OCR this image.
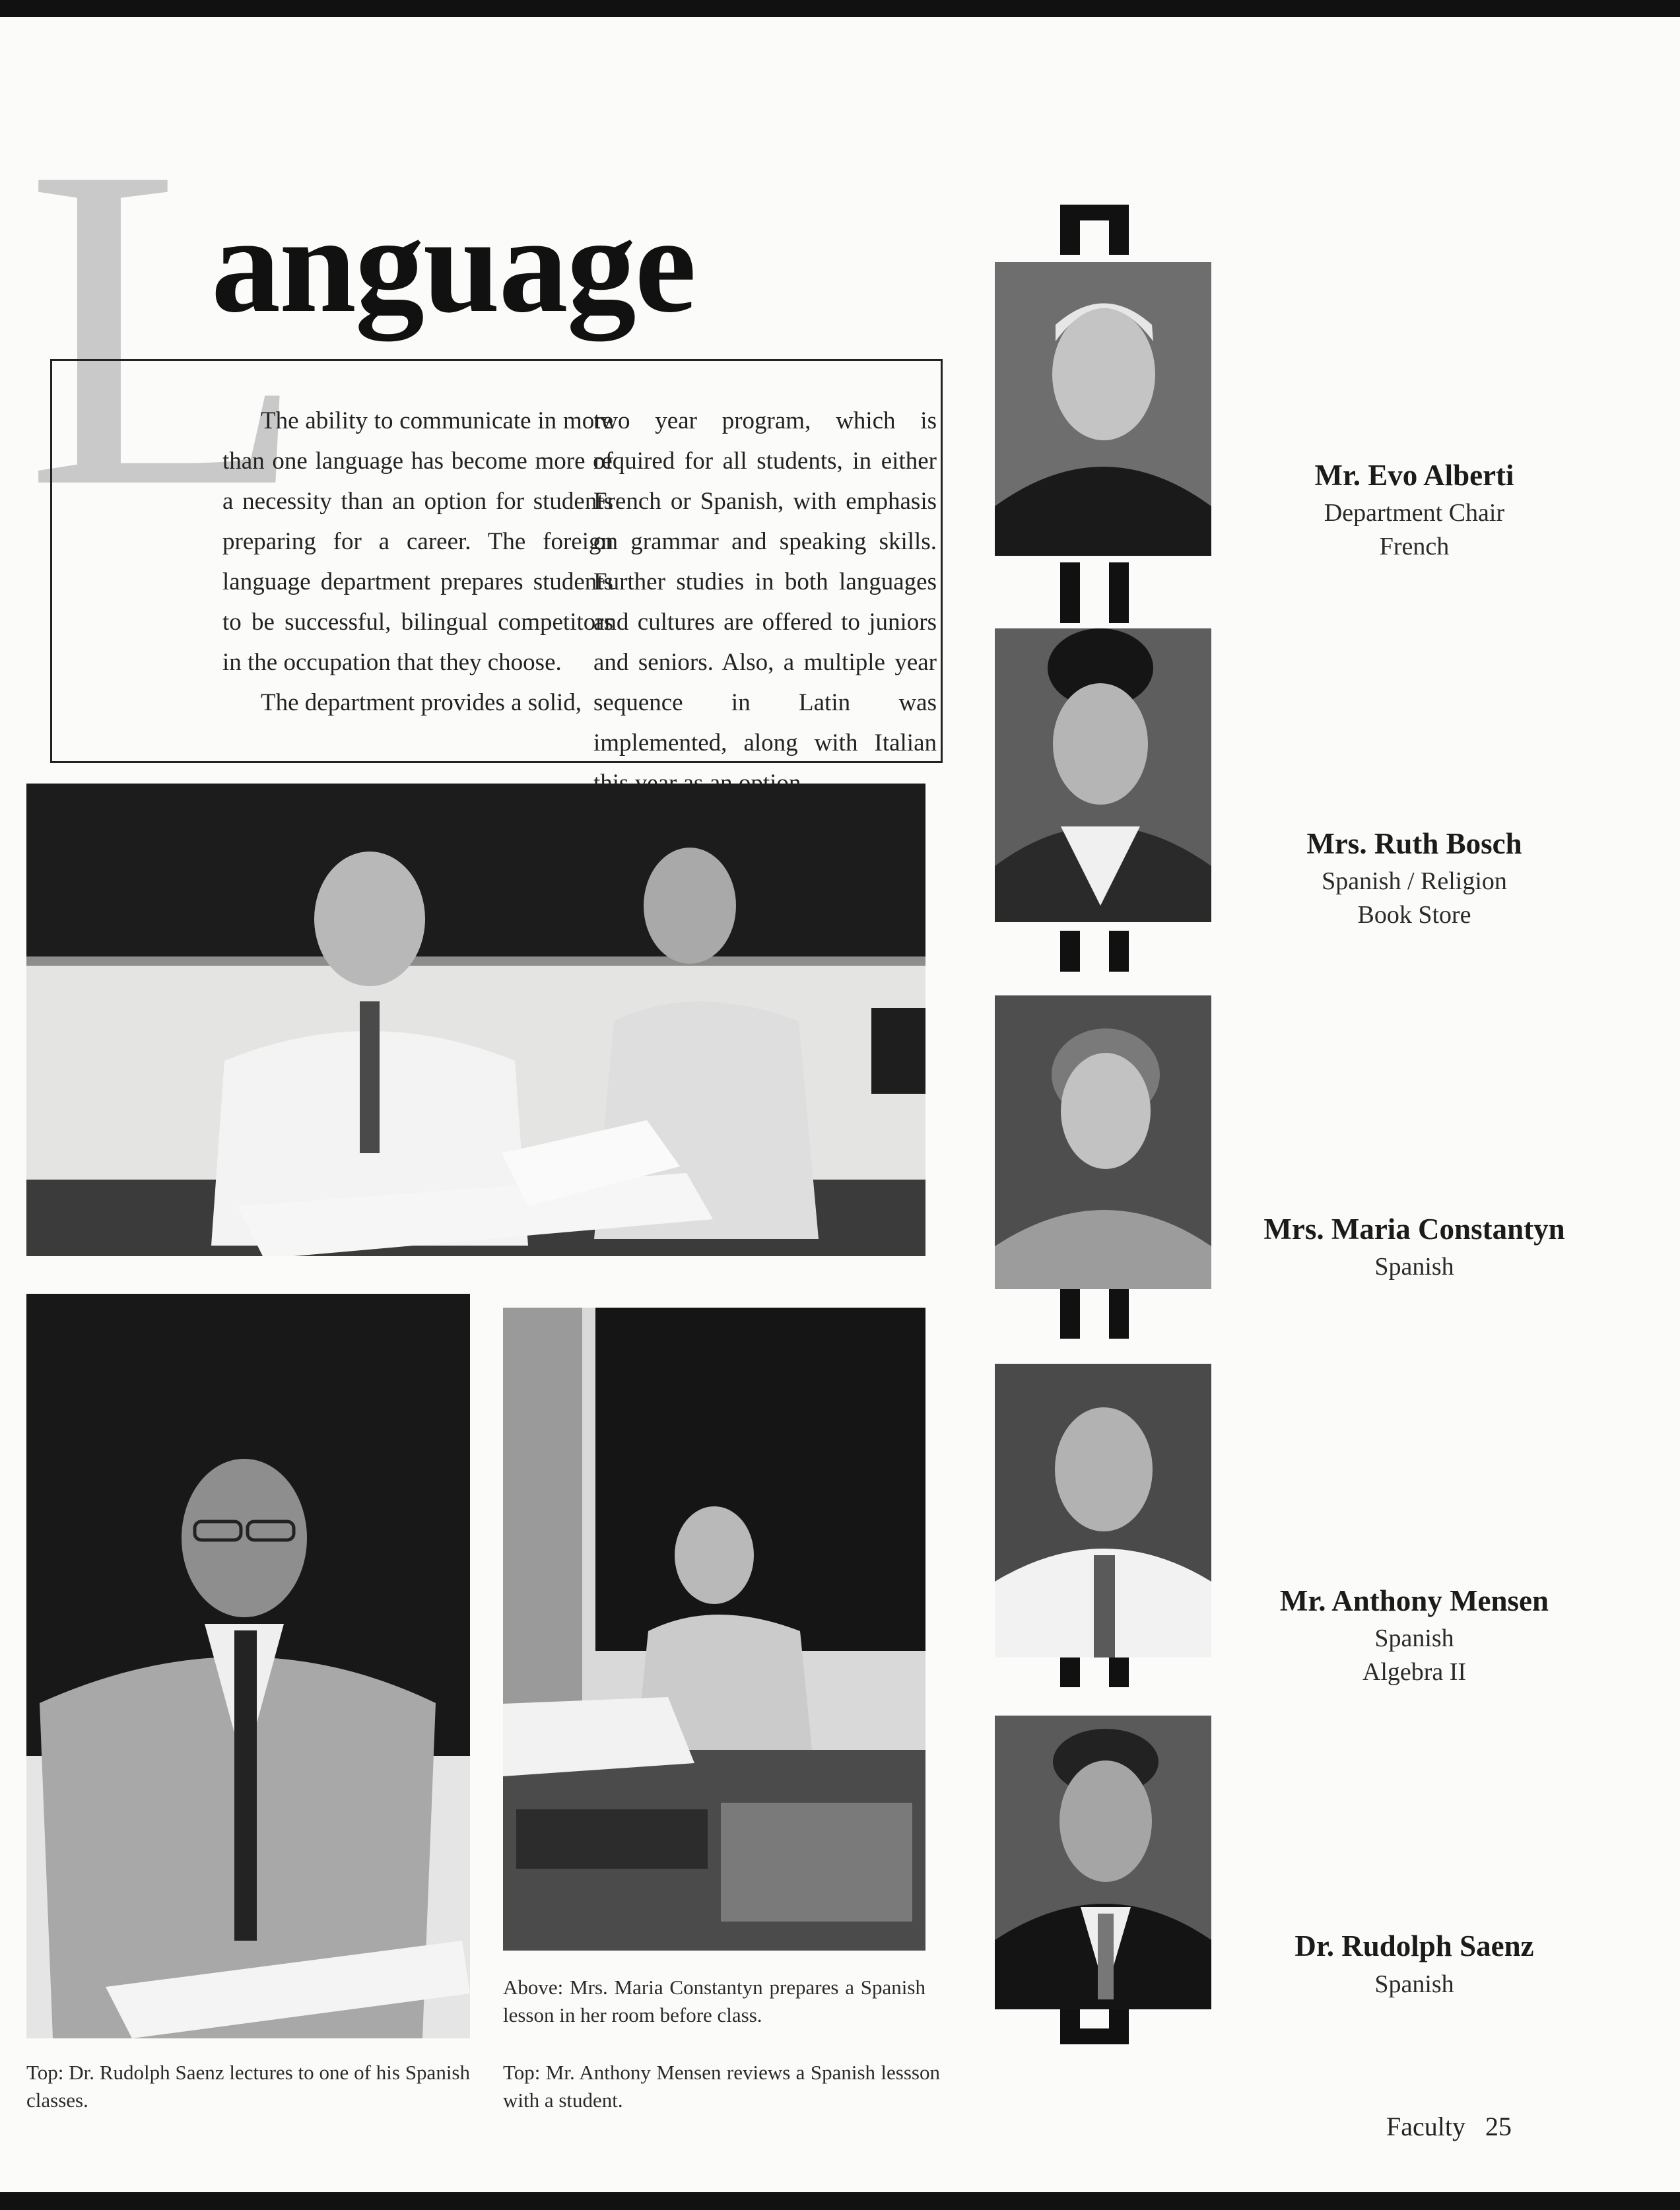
L

The ability to communicate in more than one language has become more of a necessity than an option for students preparing for a career. The foreign language department prepares students to be successful, bilingual competitors in the occupation that they choose.

The department provides a solid,

two year program, which is required for all students, in either French or Spanish, with emphasis on grammar and speaking skills. Further studies in both languages and cultures are offered to juniors and seniors. Also, a multiple year sequence in Latin was implemented, along with Italian

anguage

Above: Mrs. Maria Constantyn prepares a Spanish lesson in her room before class.

Top: Dr. Rudolph Saenz lectures to one of his Spanish classes.

Top: Mr. Anthony Mensen reviews a Spanish lessson with a student.

Mr. Evo Alberti

Department Chair

French

Mrs. Ruth Bosch

Spanish / Religion

Book Store

Mrs. Maria Constantyn

Spanish

Mr. Anthony Mensen

Spanish

Algebra II

Dr. Rudolph Saenz

Spanish

Faculty 25
